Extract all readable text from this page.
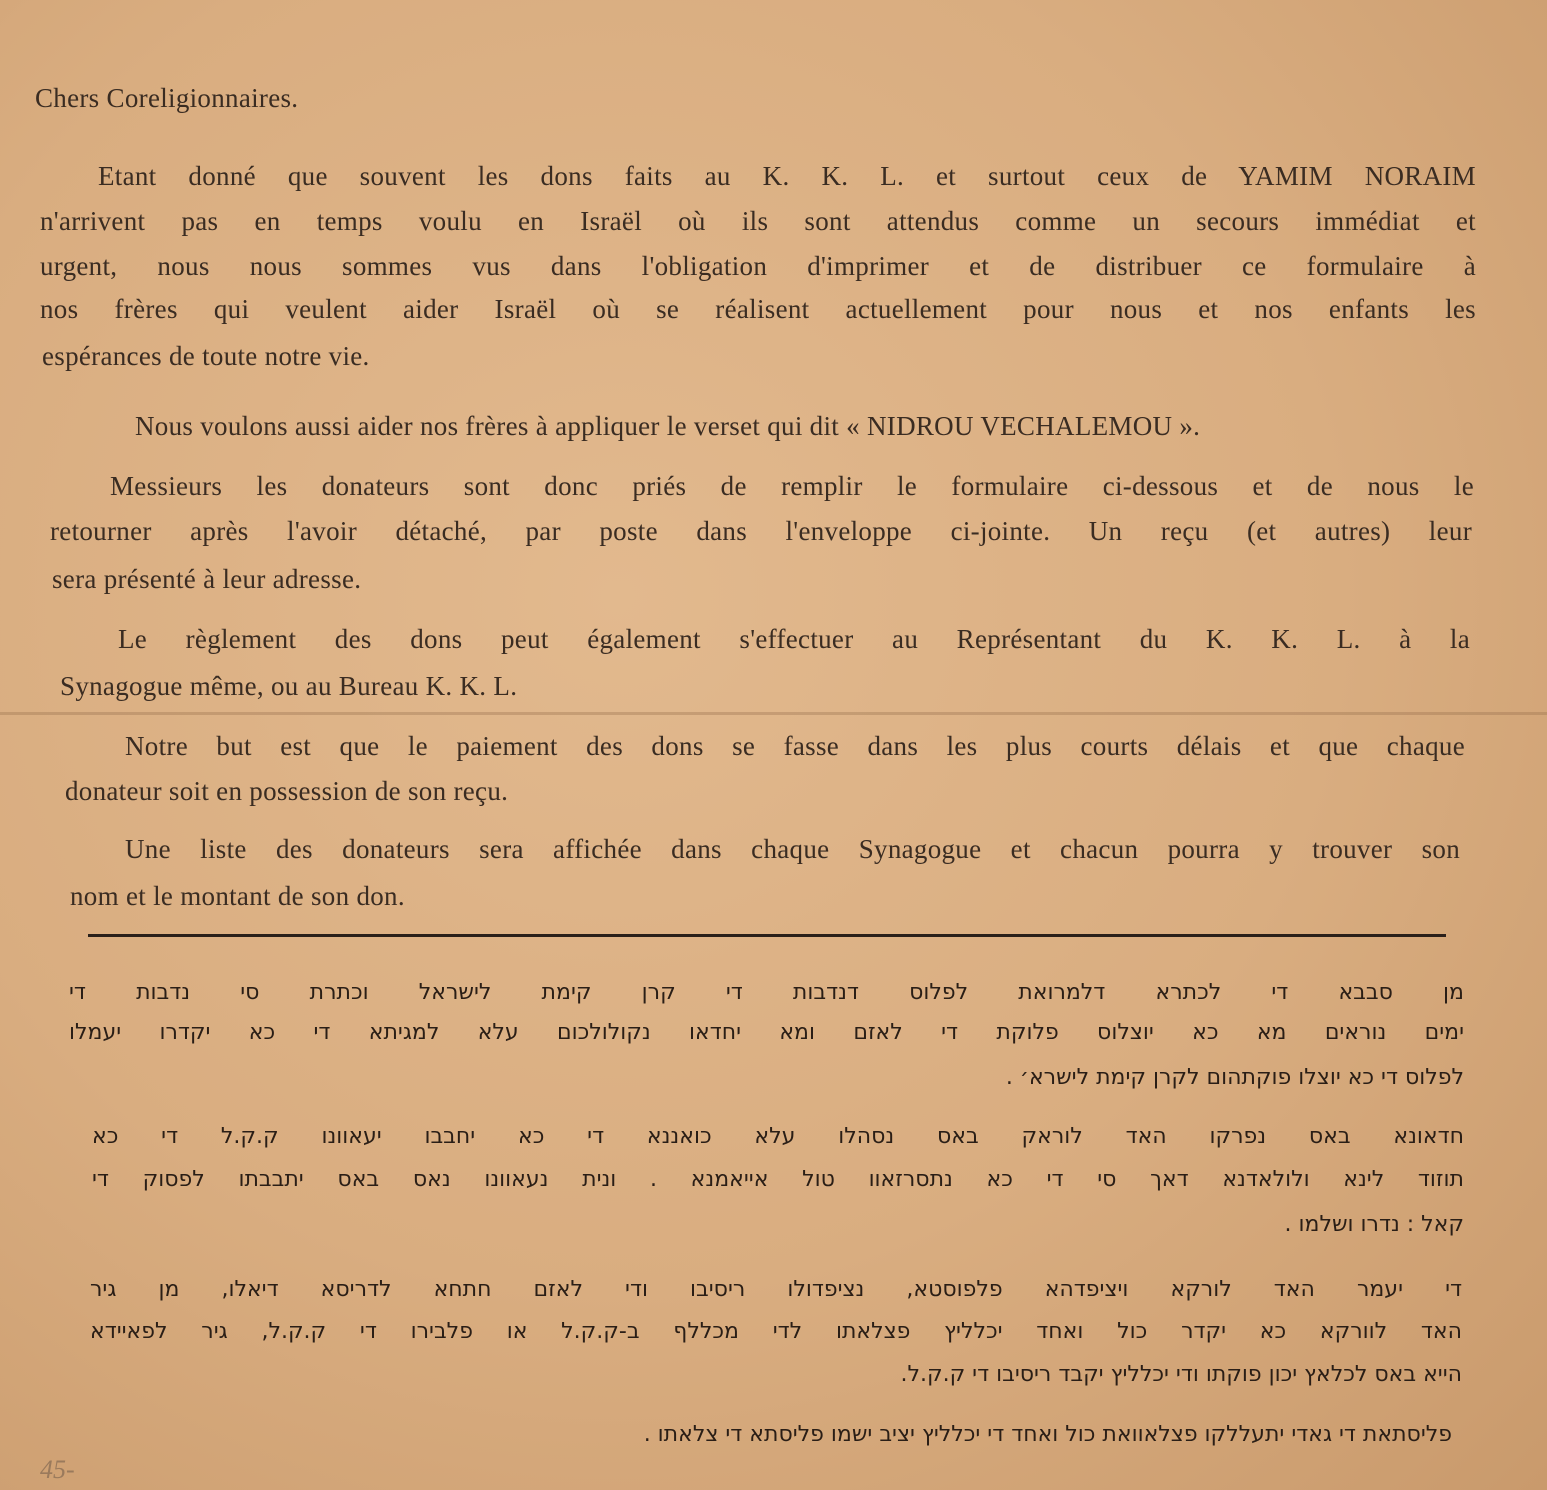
Chers Coreligionnaires.
Etant donné que souvent les dons faits au K. K. L. et surtout ceux de YAMIM NORAIM
n'arrivent pas en temps voulu en Israël où ils sont attendus comme un secours immédiat et
urgent, nous nous sommes vus dans l'obligation d'imprimer et de distribuer ce formulaire à
nos frères qui veulent aider Israël où se réalisent actuellement pour nous et nos enfants les
espérances de toute notre vie.
Nous voulons aussi aider nos frères à appliquer le verset qui dit « NIDROU VECHALEMOU ».
Messieurs les donateurs sont donc priés de remplir le formulaire ci-dessous et de nous le
retourner après l'avoir détaché, par poste dans l'enveloppe ci-jointe. Un reçu (et autres) leur
sera présenté à leur adresse.
Le règlement des dons peut également s'effectuer au Représentant du K. K. L. à la
Synagogue même, ou au Bureau K. K. L.
Notre but est que le paiement des dons se fasse dans les plus courts délais et que chaque
donateur soit en possession de son reçu.
Une liste des donateurs sera affichée dans chaque Synagogue et chacun pourra y trouver son
nom et le montant de son don.
מן סבבא די לכתרא דלמרואת לפלוס דנדבות די קרן קימת לישראל וכתרת סי נדבות די
ימים נוראים מא כא יוצלוס פלוקת די לאזם ומא יחדאו נקולולכום עלא למגיתא די כא יקדרו יעמלו
לפלוס די כא יוצלו פוקתהום לקרן קימת לישרא׳ .
חדאונא באס נפרקו האד לוראק באס נסהלו עלא כואננא די כא יחבבו יעאוונו ק.ק.ל די כא
תוזוד לינא ולולאדנא דאך סי די כא נתסרזאוו טול אייאמנא . ונית נעאוונו נאס באס יתבבתו לפסוק די
קאל : נדרו ושלמו .
די יעמר האד לורקא ויציפדהא פלפוסטא, נציפדולו ריסיבו ודי לאזם חתחא לדריסא דיאלו, מן גיר
האד לוורקא כא יקדר כול ואחד יכלליץ פצלאתו לדי מכללף ב-ק.ק.ל או פלבירו די ק.ק.ל, גיר לפאיידא
הייא באס לכלאץ יכון פוקתו ודי יכלליץ יקבד ריסיבו די ק.ק.ל.
פליסתאת די גאדי יתעללקו פצלאוואת כול ואחד די יכלליץ יציב ישמו פליסתא די צלאתו .
45-
